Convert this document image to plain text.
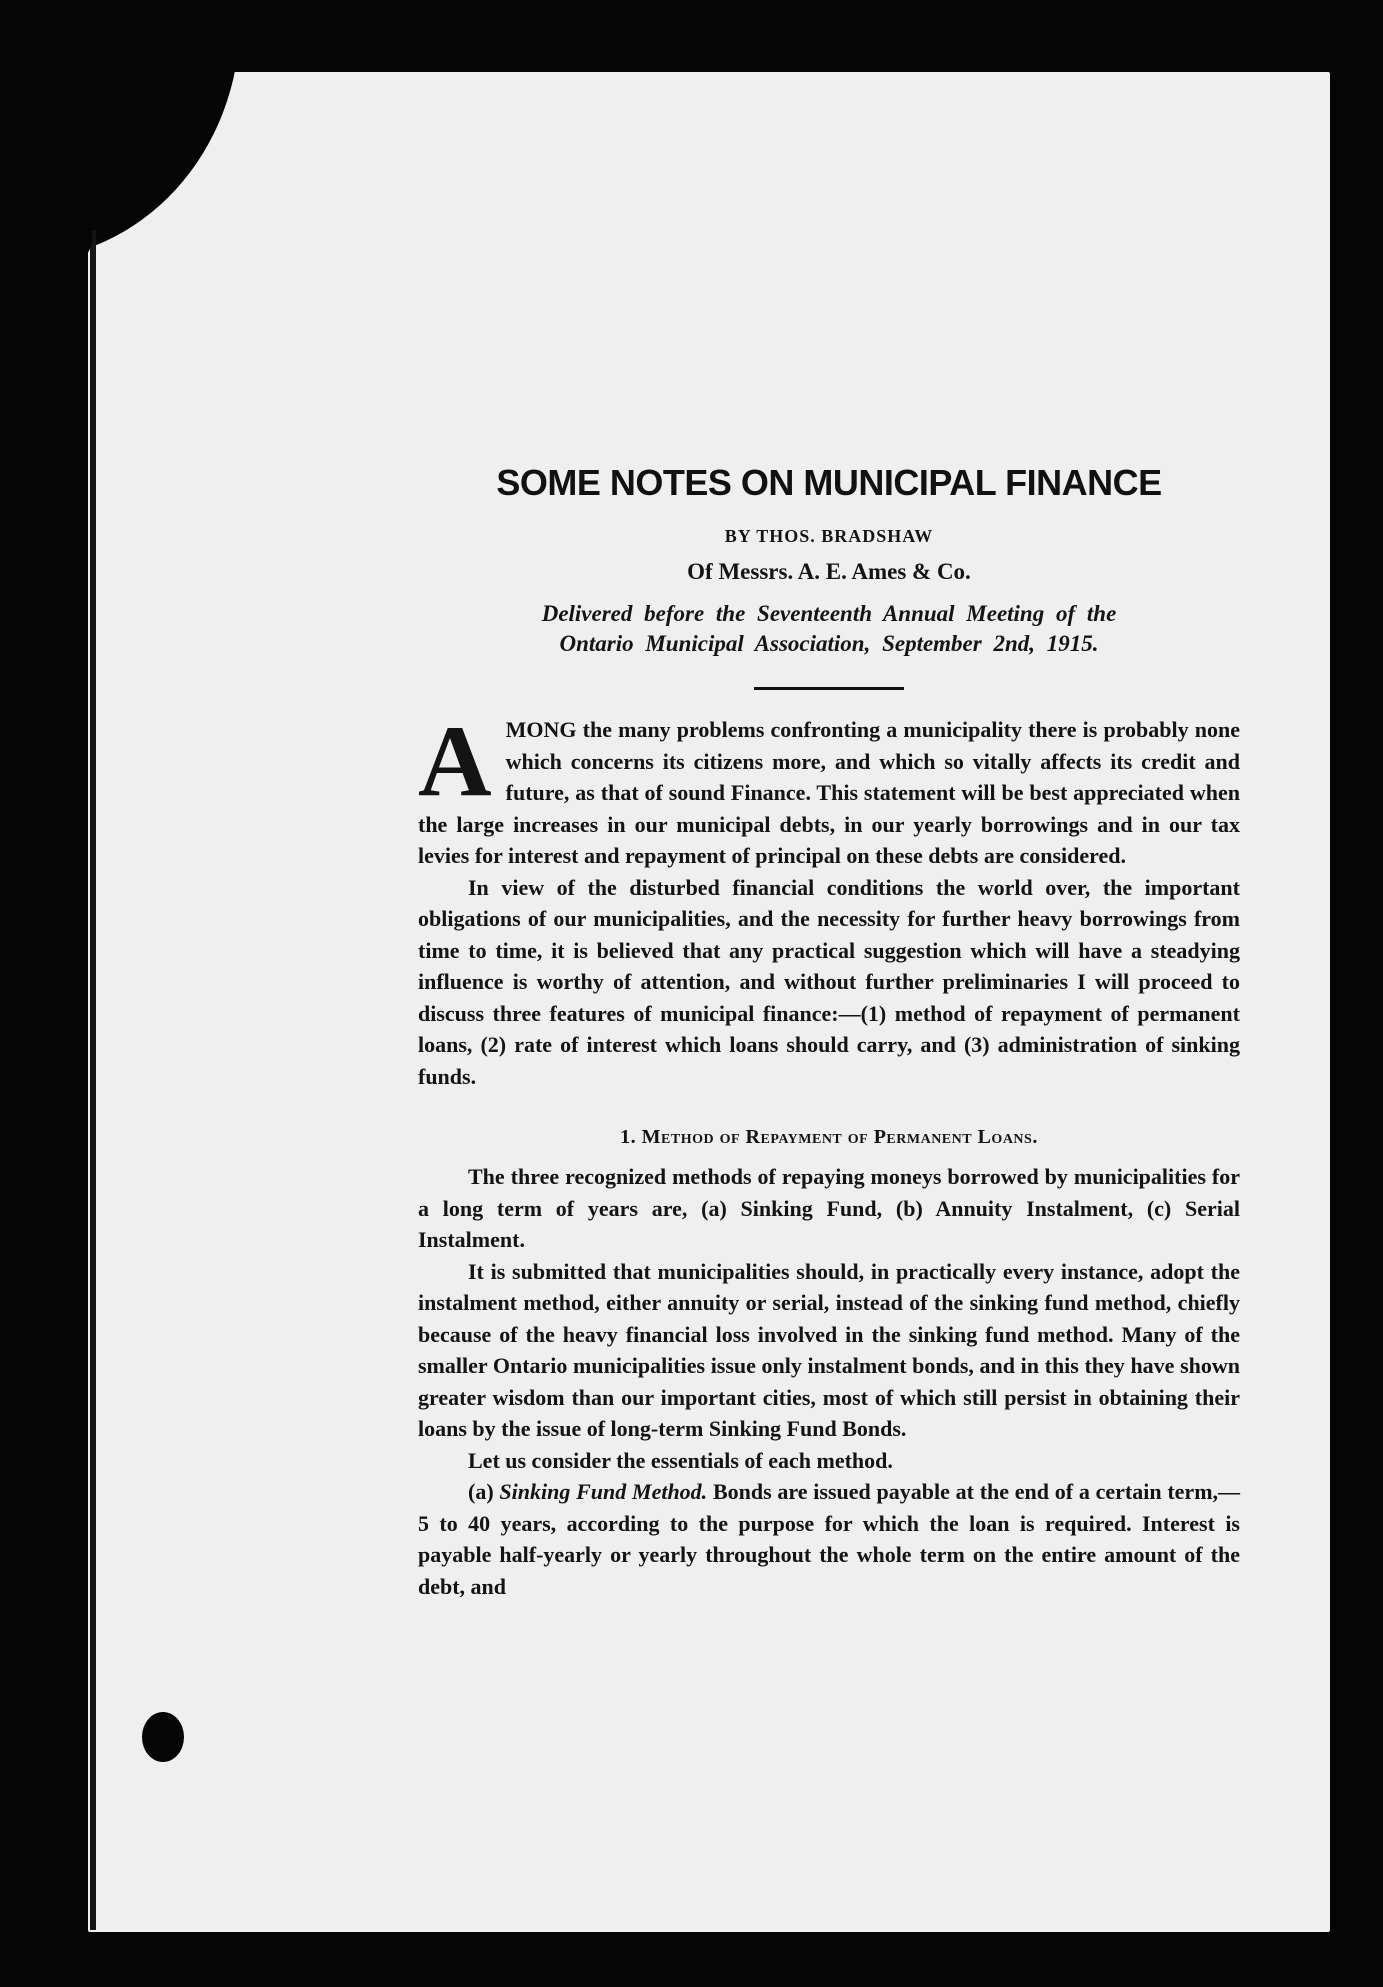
SOME NOTES ON MUNICIPAL FINANCE
BY THOS. BRADSHAW
Of Messrs. A. E. Ames & Co.
Delivered before the Seventeenth Annual Meeting of the
Ontario Municipal Association, September 2nd, 1915.

AMONG the many problems confronting a municipality there is probably none which concerns its citizens more, and which so vitally affects its credit and future, as that of sound Finance. This statement will be best appreciated when the large increases in our municipal debts, in our yearly borrowings and in our tax levies for interest and repayment of principal on these debts are considered.

In view of the disturbed financial conditions the world over, the important obligations of our municipalities, and the necessity for further heavy borrowings from time to time, it is believed that any practical suggestion which will have a steadying influence is worthy of attention, and without further preliminaries I will proceed to discuss three features of municipal finance:—(1) method of repayment of permanent loans, (2) rate of interest which loans should carry, and (3) administration of sinking funds.

1. Method of Repayment of Permanent Loans.

The three recognized methods of repaying moneys borrowed by municipalities for a long term of years are, (a) Sinking Fund, (b) Annuity Instalment, (c) Serial Instalment.

It is submitted that municipalities should, in practically every instance, adopt the instalment method, either annuity or serial, instead of the sinking fund method, chiefly because of the heavy financial loss involved in the sinking fund method. Many of the smaller Ontario municipalities issue only instalment bonds, and in this they have shown greater wisdom than our important cities, most of which still persist in obtaining their loans by the issue of long-term Sinking Fund Bonds.

Let us consider the essentials of each method.

(a) Sinking Fund Method. Bonds are issued payable at the end of a certain term,—5 to 40 years, according to the purpose for which the loan is required. Interest is payable half-yearly or yearly throughout the whole term on the entire amount of the debt, and
